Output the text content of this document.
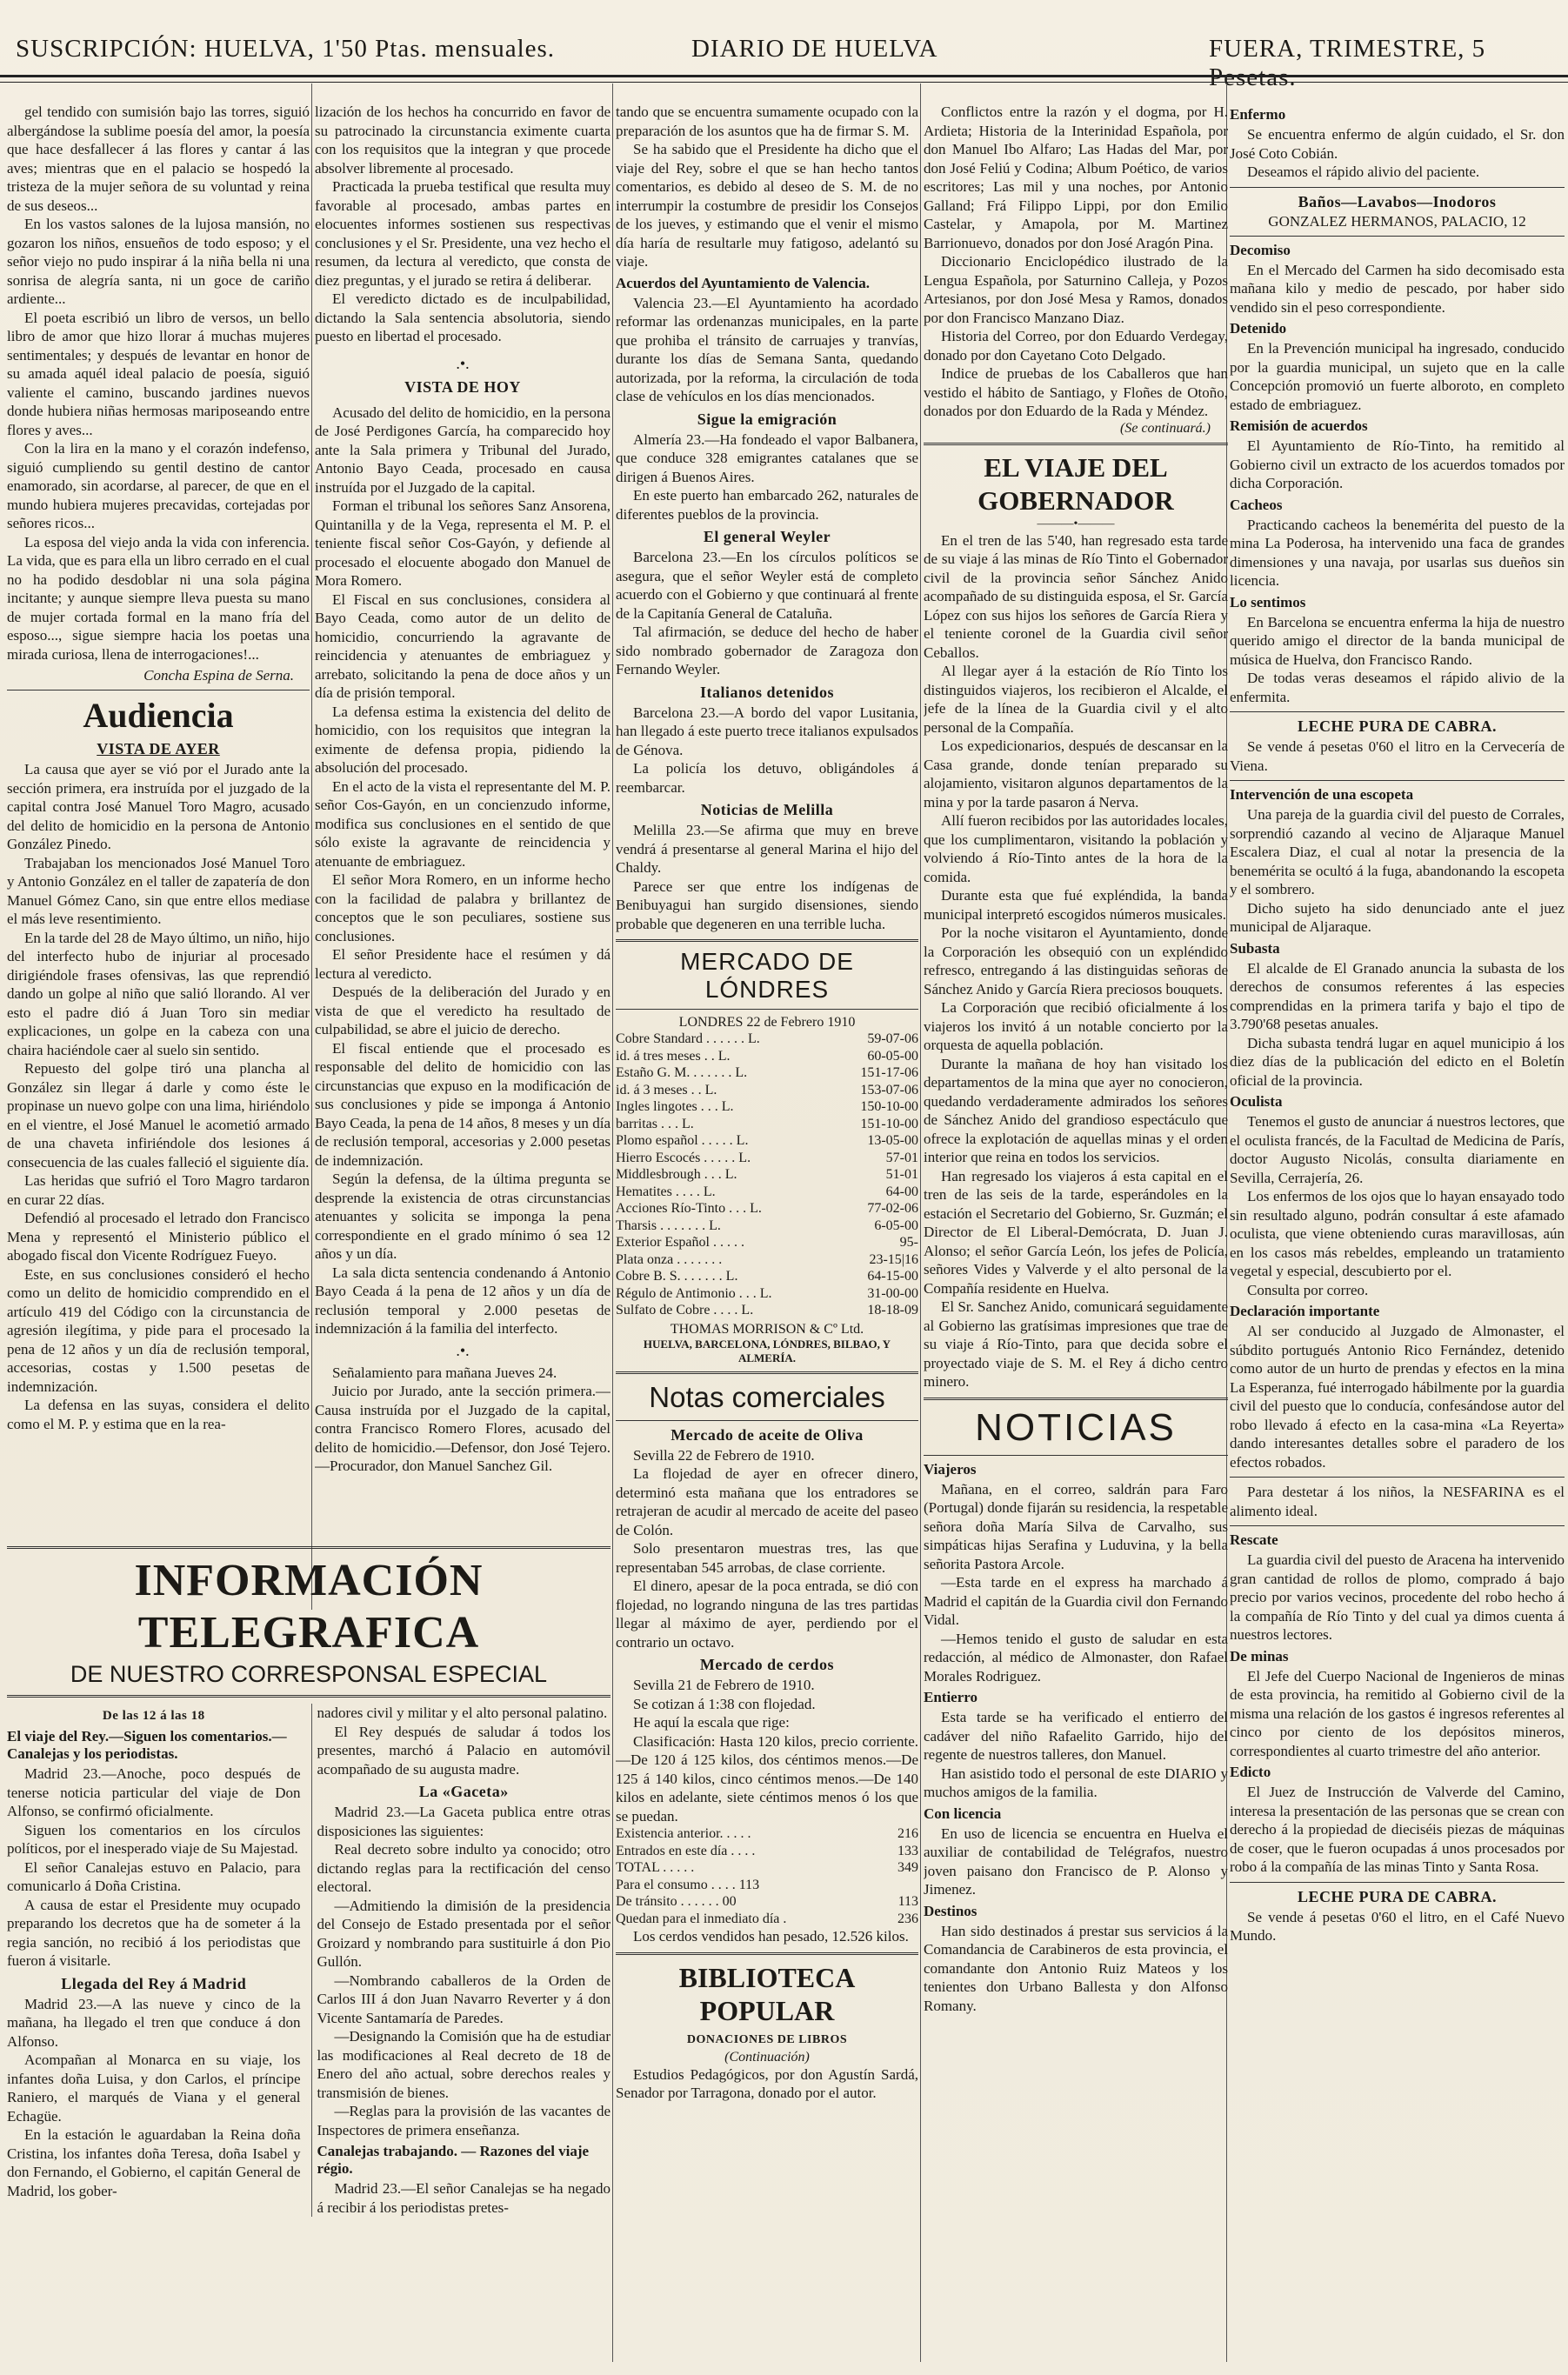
SUSCRIPCIÓN: HUELVA, 1'50 Ptas. mensuales.	DIARIO DE HUELVA	FUERA, TRIMESTRE, 5 Pesetas.

gel tendido con sumisión bajo las torres, siguió albergándose la sublime poesía del amor, la poesía que hace desfallecer á las flores y cantar á las aves; mientras que en el palacio se hospedó la tristeza de la mujer señora de su voluntad y reina de sus deseos...

En los vastos salones de la lujosa mansión, no gozaron los niños, ensueños de todo esposo; y el señor viejo no pudo inspirar á la niña bella ni una sonrisa de alegría santa, ni un goce de cariño ardiente...

El poeta escribió un libro de versos, un bello libro de amor que hizo llorar á muchas mujeres sentimentales; y después de levantar en honor de su amada aquél ideal palacio de poesía, siguió valiente el camino, buscando jardines nuevos donde hubiera niñas hermosas mariposeando entre flores y aves...

Con la lira en la mano y el corazón indefenso, siguió cumpliendo su gentil destino de cantor enamorado, sin acordarse, al parecer, de que en el mundo hubiera mujeres precavidas, cortejadas por señores ricos...

La esposa del viejo anda la vida con inferencia. La vida, que es para ella un libro cerrado en el cual no ha podido desdoblar ni una sola página incitante; y aunque siempre lleva puesta su mano de mujer cortada formal en la mano fría del esposo..., sigue siempre hacia los poetas una mirada curiosa, llena de interrogaciones!...

Concha Espina de Serna.
Audiencia
VISTA DE AYER

La causa que ayer se vió por el Jurado ante la sección primera, era instruída por el juzgado de la capital contra José Manuel Toro Magro, acusado del delito de homicidio en la persona de Antonio González Pinedo.

Trabajaban los mencionados José Manuel Toro y Antonio González en el taller de zapatería de don Manuel Gómez Cano, sin que entre ellos mediase el más leve resentimiento.

En la tarde del 28 de Mayo último, un niño, hijo del interfecto hubo de injuriar al procesado dirigiéndole frases ofensivas, las que reprendió dando un golpe al niño que salió llorando. Al ver esto el padre dió á Juan Toro sin mediar explicaciones, un golpe en la cabeza con una chaira haciéndole caer al suelo sin sentido.

Repuesto del golpe tiró una plancha al González sin llegar á darle y como éste le propinase un nuevo golpe con una lima, hiriéndolo en el vientre, el José Manuel le acometió armado de una chaveta infiriéndole dos lesiones á consecuencia de las cuales falleció el siguiente día.

Las heridas que sufrió el Toro Magro tardaron en curar 22 días.

Defendió al procesado el letrado don Francisco Mena y representó el Ministerio público el abogado fiscal don Vicente Rodríguez Fueyo.

Este, en sus conclusiones consideró el hecho como un delito de homicidio comprendido en el artículo 419 del Código con la circunstancia de agresión ilegítima, y pide para el procesado la pena de 12 años y un día de reclusión temporal, accesorias, costas y 1.500 pesetas de indemnización.

La defensa en las suyas, considera el delito como el M. P. y estima que en la rea-

lización de los hechos ha concurrido en favor de su patrocinado la circunstancia eximente cuarta con los requisitos que la integran y que procede absolver libremente al procesado.

Practicada la prueba testifical que resulta muy favorable al procesado, ambas partes en elocuentes informes sostienen sus respectivas conclusiones y el Sr. Presidente, una vez hecho el resumen, da lectura al veredicto, que consta de diez preguntas, y el jurado se retira á deliberar.

El veredicto dictado es de inculpabilidad, dictando la Sala sentencia absolutoria, siendo puesto en libertad el procesado.

.•.
VISTA DE HOY

Acusado del delito de homicidio, en la persona de José Perdigones García, ha comparecido hoy ante la Sala primera y Tribunal del Jurado, Antonio Bayo Ceada, procesado en causa instruída por el Juzgado de la capital.

Forman el tribunal los señores Sanz Ansorena, Quintanilla y de la Vega, representa el M. P. el teniente fiscal señor Cos-Gayón, y defiende al procesado el elocuente abogado don Manuel de Mora Romero.

El Fiscal en sus conclusiones, considera al Bayo Ceada, como autor de un delito de homicidio, concurriendo la agravante de reincidencia y atenuantes de embriaguez y arrebato, solicitando la pena de doce años y un día de prisión temporal.

La defensa estima la existencia del delito de homicidio, con los requisitos que integran la eximente de defensa propia, pidiendo la absolución del procesado.

En el acto de la vista el representante del M. P. señor Cos-Gayón, en un concienzudo informe, modifica sus conclusiones en el sentido de que sólo existe la agravante de reincidencia y atenuante de embriaguez.

El señor Mora Romero, en un informe hecho con la facilidad de palabra y brillantez de conceptos que le son peculiares, sostiene sus conclusiones.

El señor Presidente hace el resúmen y dá lectura al veredicto.

Después de la deliberación del Jurado y en vista de que el veredicto ha resultado de culpabilidad, se abre el juicio de derecho.

El fiscal entiende que el procesado es responsable del delito de homicidio con las circunstancias que expuso en la modificación de sus conclusiones y pide se imponga á Antonio Bayo Ceada, la pena de 14 años, 8 meses y un día de reclusión temporal, accesorias y 2.000 pesetas de indemnización.

Según la defensa, de la última pregunta se desprende la existencia de otras circunstancias atenuantes y solicita se imponga la pena correspondiente en el grado mínimo ó sea 12 años y un día.

La sala dicta sentencia condenando á Antonio Bayo Ceada á la pena de 12 años y un día de reclusión temporal y 2.000 pesetas de indemnización á la familia del interfecto.

.•.

Señalamiento para mañana Jueves 24.

Juicio por Jurado, ante la sección primera.—Causa instruída por el Juzgado de la capital, contra Francisco Romero Flores, acusado del delito de homicidio.—Defensor, don José Tejero.—Procurador, don Manuel Sanchez Gil.

INFORMACIÓN TELEGRAFICA
DE NUESTRO CORRESPONSAL ESPECIAL
De las 12 á las 18
El viaje del Rey.—Siguen los comentarios.—Canalejas y los periodistas.

Madrid 23.—Anoche, poco después de tenerse noticia particular del viaje de Don Alfonso, se confirmó oficialmente.

Siguen los comentarios en los círculos políticos, por el inesperado viaje de Su Majestad.

El señor Canalejas estuvo en Palacio, para comunicarlo á Doña Cristina.

A causa de estar el Presidente muy ocupado preparando los decretos que ha de someter á la regia sanción, no recibió á los periodistas que fueron á visitarle.

Llegada del Rey á Madrid

Madrid 23.—A las nueve y cinco de la mañana, ha llegado el tren que conduce á don Alfonso.

Acompañan al Monarca en su viaje, los infantes doña Luisa, y don Carlos, el príncipe Raniero, el marqués de Viana y el general Echagüe.

En la estación le aguardaban la Reina doña Cristina, los infantes doña Teresa, doña Isabel y don Fernando, el Gobierno, el capitán General de Madrid, los gober-

nadores civil y militar y el alto personal palatino.

El Rey después de saludar á todos los presentes, marchó á Palacio en automóvil acompañado de su augusta madre.

La «Gaceta»

Madrid 23.—La Gaceta publica entre otras disposiciones las siguientes:

Real decreto sobre indulto ya conocido; otro dictando reglas para la rectificación del censo electoral.

—Admitiendo la dimisión de la presidencia del Consejo de Estado presentada por el señor Groizard y nombrando para sustituirle á don Pio Gullón.

—Nombrando caballeros de la Orden de Carlos III á don Juan Navarro Reverter y á don Vicente Santamaría de Paredes.

—Designando la Comisión que ha de estudiar las modificaciones al Real decreto de 18 de Enero del año actual, sobre derechos reales y transmisión de bienes.

—Reglas para la provisión de las vacantes de Inspectores de primera enseñanza.

Canalejas trabajando. — Razones del viaje régio.

Madrid 23.—El señor Canalejas se ha negado á recibir á los periodistas pretes-

tando que se encuentra sumamente ocupado con la preparación de los asuntos que ha de firmar S. M.

Se ha sabido que el Presidente ha dicho que el viaje del Rey, sobre el que se han hecho tantos comentarios, es debido al deseo de S. M. de no interrumpir la costumbre de presidir los Consejos de los jueves, y estimando que el venir el mismo día haría de resultarle muy fatigoso, adelantó su viaje.

Acuerdos del Ayuntamiento de Valencia.

Valencia 23.—El Ayuntamiento ha acordado reformar las ordenanzas municipales, en la parte que prohiba el tránsito de carruajes y tranvías, durante los días de Semana Santa, quedando autorizada, por la reforma, la circulación de toda clase de vehículos en los días mencionados.

Sigue la emigración

Almería 23.—Ha fondeado el vapor Balbanera, que conduce 328 emigrantes catalanes que se dirigen á Buenos Aires.

En este puerto han embarcado 262, naturales de diferentes pueblos de la provincia.

El general Weyler

Barcelona 23.—En los círculos políticos se asegura, que el señor Weyler está de completo acuerdo con el Gobierno y que continuará al frente de la Capitanía General de Cataluña.

Tal afirmación, se deduce del hecho de haber sido nombrado gobernador de Zaragoza don Fernando Weyler.

Italianos detenidos

Barcelona 23.—A bordo del vapor Lusitania, han llegado á este puerto trece italianos expulsados de Génova.

La policía los detuvo, obligándoles á reembarcar.

Noticias de Melilla

Melilla 23.—Se afirma que muy en breve vendrá á presentarse al general Marina el hijo del Chaldy.

Parece ser que entre los indígenas de Benibuyagui han surgido disensiones, siendo probable que degeneren en una terrible lucha.

MERCADO DE LÓNDRES
LONDRES 22 de Febrero 1910
Cobre Standard . . . . . . L.	59-07-06
id. á tres meses . . L.	60-05-00
Estaño G. M. . . . . . . L.	151-17-06
id. á 3 meses . . L.	153-07-06
Ingles lingotes . . . L.	150-10-00
barritas . . . L.	151-10-00
Plomo español . . . . . L.	13-05-00
Hierro Escocés . . . . . L.	57-01
Middlesbrough . . . L.	51-01
Hematites . . . . L.	64-00
Acciones Río-Tinto . . . L.	77-02-06
Tharsis . . . . . . . L.	6-05-00
Exterior Español . . . . .	95-
Plata onza . . . . . . .	23-15|16
Cobre B. S. . . . . . . L.	64-15-00
Régulo de Antimonio . . . L.	31-00-00
Sulfato de Cobre . . . . L.	18-18-09
THOMAS MORRISON & Cº Ltd.
HUELVA, BARCELONA, LÓNDRES, BILBAO, Y ALMERÍA.
Notas comerciales
Mercado de aceite de Oliva

Sevilla 22 de Febrero de 1910.

La flojedad de ayer en ofrecer dinero, determinó esta mañana que los entradores se retrajeran de acudir al mercado de aceite del paseo de Colón.

Solo presentaron muestras tres, las que representaban 545 arrobas, de clase corriente.

El dinero, apesar de la poca entrada, se dió con flojedad, no logrando ninguna de las tres partidas llegar al máximo de ayer, perdiendo por el contrario un octavo.

Mercado de cerdos

Sevilla 21 de Febrero de 1910.

Se cotizan á 1:38 con flojedad.

He aquí la escala que rige:

Clasificación: Hasta 120 kilos, precio corriente.—De 120 á 125 kilos, dos céntimos menos.—De 125 á 140 kilos, cinco céntimos menos.—De 140 kilos en adelante, siete céntimos menos ó los que se puedan.

Existencia anterior. . . . .	216
Entrados en este día . . . .	133
TOTAL . . . . .	349
Para el consumo . . . . 113
De tránsito . . . . . . 00	113
Quedan para el inmediato día .	236

Los cerdos vendidos han pesado, 12.526 kilos.

BIBLIOTECA POPULAR
DONACIONES DE LIBROS
(Continuación)

Estudios Pedagógicos, por don Agustín Sardá, Senador por Tarragona, donado por el autor.

Conflictos entre la razón y el dogma, por H. Ardieta; Historia de la Interinidad Española, por don Manuel Ibo Alfaro; Las Hadas del Mar, por don José Feliú y Codina; Album Poético, de varios escritores; Las mil y una noches, por Antonio Galland; Frá Filippo Lippi, por don Emilio Castelar, y Amapola, por M. Martinez Barrionuevo, donados por don José Aragón Pina.

Diccionario Enciclopédico ilustrado de la Lengua Española, por Saturnino Calleja, y Pozos Artesianos, por don José Mesa y Ramos, donados por don Francisco Manzano Diaz.

Historia del Correo, por don Eduardo Verdegay, donado por don Cayetano Coto Delgado.

Indice de pruebas de los Caballeros que han vestido el hábito de Santiago, y Floñes de Otoño, donados por don Eduardo de la Rada y Méndez.

(Se continuará.)
EL VIAJE DEL GOBERNADOR
———•———

En el tren de las 5'40, han regresado esta tarde de su viaje á las minas de Río Tinto el Gobernador civil de la provincia señor Sánchez Anido acompañado de su distinguida esposa, el Sr. García López con sus hijos los señores de García Riera y el teniente coronel de la Guardia civil señor Ceballos.

Al llegar ayer á la estación de Río Tinto los distinguidos viajeros, los recibieron el Alcalde, el jefe de la línea de la Guardia civil y el alto personal de la Compañía.

Los expedicionarios, después de descansar en la Casa grande, donde tenían preparado su alojamiento, visitaron algunos departamentos de la mina y por la tarde pasaron á Nerva.

Allí fueron recibidos por las autoridades locales, que los cumplimentaron, visitando la población y volviendo á Río-Tinto antes de la hora de la comida.

Durante esta que fué expléndida, la banda municipal interpretó escogidos números musicales.

Por la noche visitaron el Ayuntamiento, donde la Corporación les obsequió con un expléndido refresco, entregando á las distinguidas señoras de Sánchez Anido y García Riera preciosos bouquets.

La Corporación que recibió oficialmente á los viajeros los invitó á un notable concierto por la orquesta de aquella población.

Durante la mañana de hoy han visitado los departamentos de la mina que ayer no conocieron, quedando verdaderamente admirados los señores de Sánchez Anido del grandioso espectáculo que ofrece la explotación de aquellas minas y el orden interior que reina en todos los servicios.

Han regresado los viajeros á esta capital en el tren de las seis de la tarde, esperándoles en la estación el Secretario del Gobierno, Sr. Guzmán; el Director de El Liberal-Demócrata, D. Juan J. Alonso; el señor García León, los jefes de Policía, señores Vides y Valverde y el alto personal de la Compañía residente en Huelva.

El Sr. Sanchez Anido, comunicará seguidamente al Gobierno las gratísimas impresiones que trae de su viaje á Río-Tinto, para que decida sobre el proyectado viaje de S. M. el Rey á dicho centro minero.

NOTICIAS
Viajeros

Mañana, en el correo, saldrán para Faro (Portugal) donde fijarán su residencia, la respetable señora doña María Silva de Carvalho, sus simpáticas hijas Serafina y Luduvina, y la bella señorita Pastora Arcole.

—Esta tarde en el express ha marchado á Madrid el capitán de la Guardia civil don Fernando Vidal.

—Hemos tenido el gusto de saludar en esta redacción, al médico de Almonaster, don Rafael Morales Rodriguez.

Entierro

Esta tarde se ha verificado el entierro del cadáver del niño Rafaelito Garrido, hijo del regente de nuestros talleres, don Manuel.

Han asistido todo el personal de este DIARIO y muchos amigos de la familia.

Con licencia

En uso de licencia se encuentra en Huelva el auxiliar de contabilidad de Telégrafos, nuestro joven paisano don Francisco de P. Alonso y Jimenez.

Destinos

Han sido destinados á prestar sus servicios á la Comandancia de Carabineros de esta provincia, el comandante don Antonio Ruiz Mateos y los tenientes don Urbano Ballesta y don Alfonso Romany.

Enfermo

Se encuentra enfermo de algún cuidado, el Sr. don José Coto Cobián.

Deseamos el rápido alivio del paciente.

Baños—Lavabos—Inodoros
GONZALEZ HERMANOS, PALACIO, 12
Decomiso

En el Mercado del Carmen ha sido decomisado esta mañana kilo y medio de pescado, por haber sido vendido sin el peso correspondiente.

Detenido

En la Prevención municipal ha ingresado, conducido por la guardia municipal, un sujeto que en la calle Concepción promovió un fuerte alboroto, en completo estado de embriaguez.

Remisión de acuerdos

El Ayuntamiento de Río-Tinto, ha remitido al Gobierno civil un extracto de los acuerdos tomados por dicha Corporación.

Cacheos

Practicando cacheos la benemérita del puesto de la mina La Poderosa, ha intervenido una faca de grandes dimensiones y una navaja, por usarlas sus dueños sin licencia.

Lo sentimos

En Barcelona se encuentra enferma la hija de nuestro querido amigo el director de la banda municipal de música de Huelva, don Francisco Rando.

De todas veras deseamos el rápido alivio de la enfermita.

LECHE PURA DE CABRA.

Se vende á pesetas 0'60 el litro en la Cervecería de Viena.

Intervención de una escopeta

Una pareja de la guardia civil del puesto de Corrales, sorprendió cazando al vecino de Aljaraque Manuel Escalera Diaz, el cual al notar la presencia de la benemérita se ocultó á la fuga, abandonando la escopeta y el sombrero.

Dicho sujeto ha sido denunciado ante el juez municipal de Aljaraque.

Subasta

El alcalde de El Granado anuncia la subasta de los derechos de consumos referentes á las especies comprendidas en la primera tarifa y bajo el tipo de 3.790'68 pesetas anuales.

Dicha subasta tendrá lugar en aquel municipio á los diez días de la publicación del edicto en el Boletín oficial de la provincia.

Oculista

Tenemos el gusto de anunciar á nuestros lectores, que el oculista francés, de la Facultad de Medicina de París, doctor Augusto Nicolás, consulta diariamente en Sevilla, Cerrajería, 26.

Los enfermos de los ojos que lo hayan ensayado todo sin resultado alguno, podrán consultar á este afamado oculista, que viene obteniendo curas maravillosas, aún en los casos más rebeldes, empleando un tratamiento vegetal y especial, descubierto por el.

Consulta por correo.

Declaración importante

Al ser conducido al Juzgado de Almonaster, el súbdito portugués Antonio Rico Fernández, detenido como autor de un hurto de prendas y efectos en la mina La Esperanza, fué interrogado hábilmente por la guardia civil del puesto que lo conducía, confesándose autor del robo llevado á efecto en la casa-mina «La Reyerta» dando interesantes detalles sobre el paradero de los efectos robados.

Para destetar á los niños, la NESFARINA es el alimento ideal.

Rescate

La guardia civil del puesto de Aracena ha intervenido gran cantidad de rollos de plomo, comprado á bajo precio por varios vecinos, procedente del robo hecho á la compañía de Río Tinto y del cual ya dimos cuenta á nuestros lectores.

De minas

El Jefe del Cuerpo Nacional de Ingenieros de minas de esta provincia, ha remitido al Gobierno civil de la misma una relación de los gastos é ingresos referentes al cinco por ciento de los depósitos mineros, correspondientes al cuarto trimestre del año anterior.

Edicto

El Juez de Instrucción de Valverde del Camino, interesa la presentación de las personas que se crean con derecho á la propiedad de dieciséis piezas de máquinas de coser, que le fueron ocupadas á unos procesados por robo á la compañía de las minas Tinto y Santa Rosa.

LECHE PURA DE CABRA.

Se vende á pesetas 0'60 el litro, en el Café Nuevo Mundo.
